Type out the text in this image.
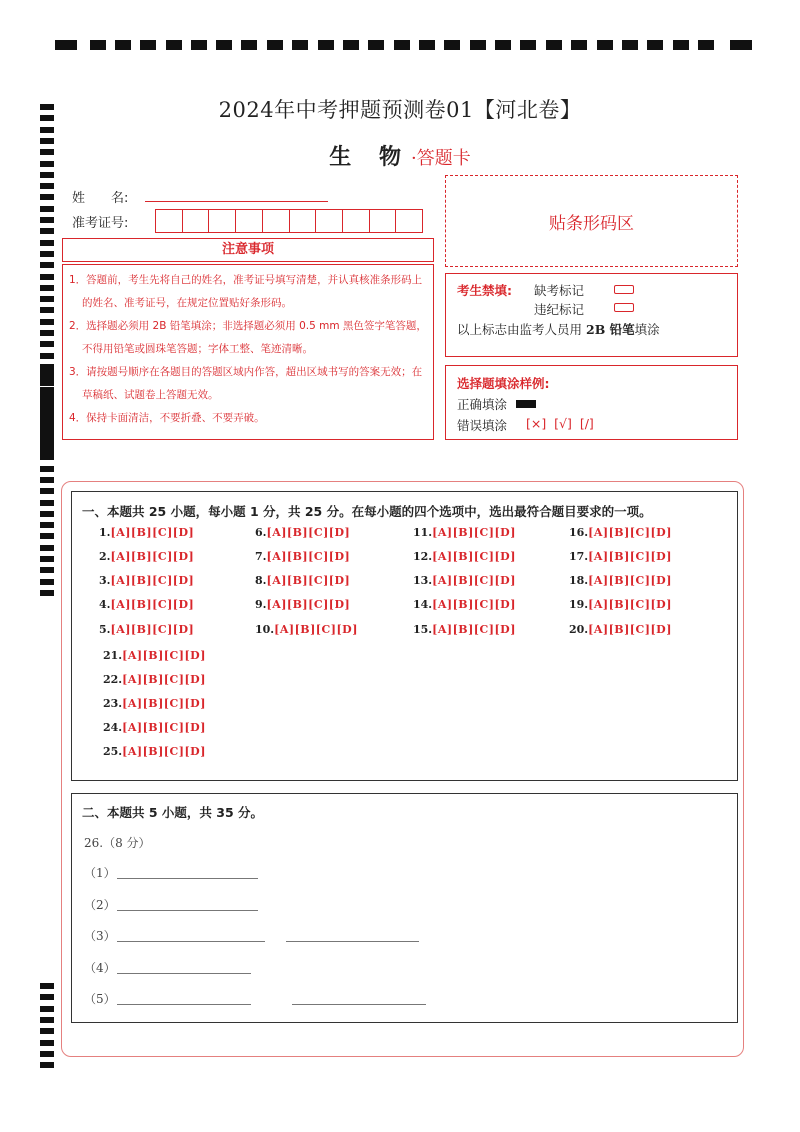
2024年中考押题预测卷01【河北卷】
生 物·答题卡
姓　　名:
准考证号:	贴条形码区
注意事项
1．答题前，考生先将自己的姓名，准考证号填写清楚，并认真核准条形码上的姓名、准考证号，在规定位置贴好条形码。
2．选择题必须用 2B 铅笔填涂；非选择题必须用 0.5 mm 黑色签字笔答题，不得用铅笔或圆珠笔答题；字体工整、笔迹清晰。
3．请按题号顺序在各题目的答题区域内作答，超出区域书写的答案无效；在草稿纸、试题卷上答题无效。
4．保持卡面清洁，不要折叠、不要弄破。
考生禁填: 缺考标记
违纪标记
以上标志由监考人员用 2B 铅笔填涂
选择题填涂样例:
正确填涂
错误填涂 [×]  [√]  [/]
一、本题共 25 小题，每小题 1 分，共 25 分。在每小题的四个选项中，选出最符合题目要求的一项。
1.[A][B][C][D]
2.[A][B][C][D]
3.[A][B][C][D]
4.[A][B][C][D]
5.[A][B][C][D]
6.[A][B][C][D]
7.[A][B][C][D]
8.[A][B][C][D]
9.[A][B][C][D]
10.[A][B][C][D]
11.[A][B][C][D]
12.[A][B][C][D]
13.[A][B][C][D]
14.[A][B][C][D]
15.[A][B][C][D]
16.[A][B][C][D]
17.[A][B][C][D]
18.[A][B][C][D]
19.[A][B][C][D]
20.[A][B][C][D]
21.[A][B][C][D]
22.[A][B][C][D]
23.[A][B][C][D]
24.[A][B][C][D]
25.[A][B][C][D]
二、本题共 5 小题，共 35 分。
26.（8 分）
（1）
（2）
（3）
（4）
（5）
